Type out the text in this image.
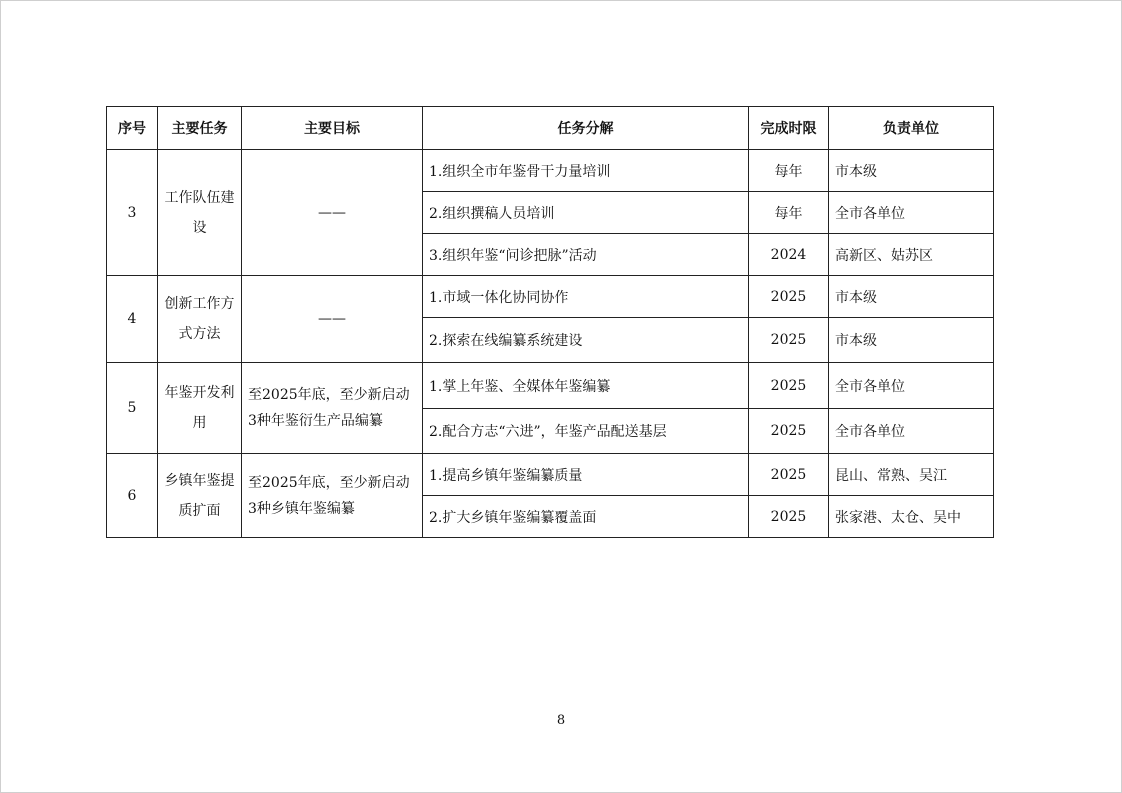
序号	主要任务	主要目标	任务分解	完成时限	负责单位
3	工作队伍建设	——	1.组织全市年鉴骨干力量培训	每年	市本级
			2.组织撰稿人员培训	每年	全市各单位
			3.组织年鉴“问诊把脉”活动	2024	高新区、姑苏区
4	创新工作方式方法	——	1.市域一体化协同协作	2025	市本级
			2.探索在线编纂系统建设	2025	市本级
5	年鉴开发利用	至2025年底，至少新启动3种年鉴衍生产品编纂	1.掌上年鉴、全媒体年鉴编纂	2025	全市各单位
			2.配合方志“六进”，年鉴产品配送基层	2025	全市各单位
6	乡镇年鉴提质扩面	至2025年底，至少新启动3种乡镇年鉴编纂	1.提高乡镇年鉴编纂质量	2025	昆山、常熟、吴江
			2.扩大乡镇年鉴编纂覆盖面	2025	张家港、太仓、吴中
8
